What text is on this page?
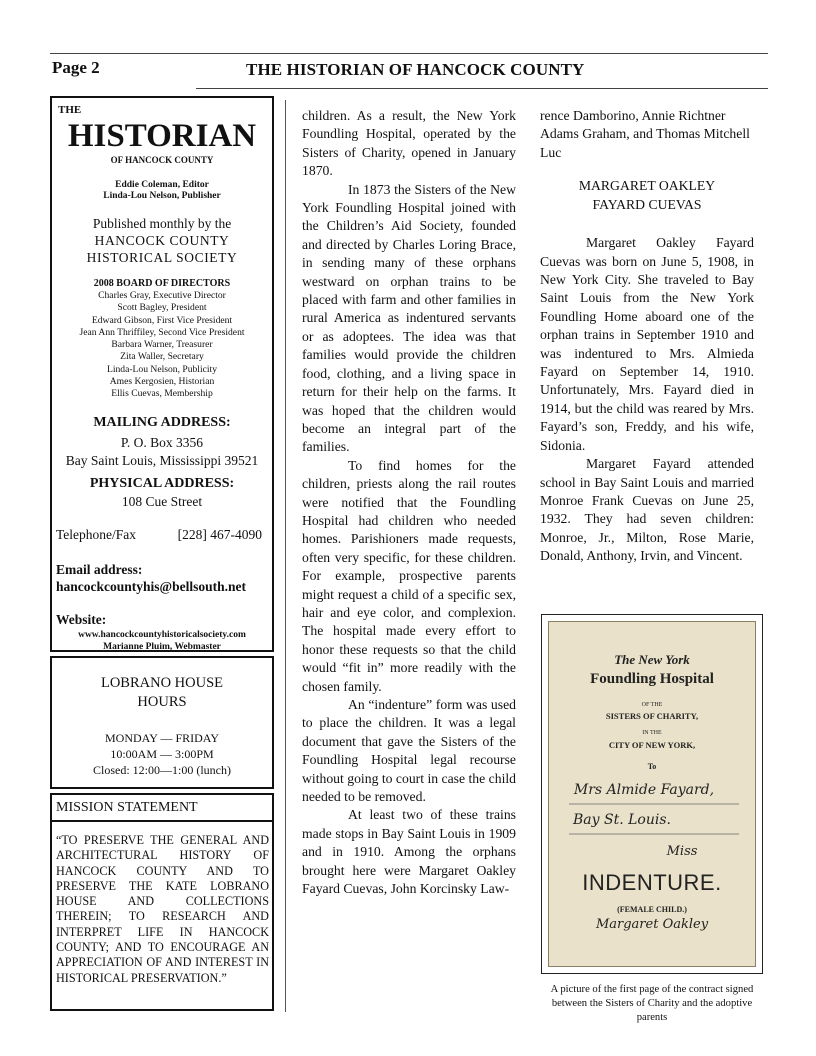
Page 2	THE HISTORIAN OF HANCOCK COUNTY
THE
HISTORIAN
OF HANCOCK COUNTY
Eddie Coleman, Editor
Linda-Lou Nelson, Publisher
Published monthly by the
HANCOCK COUNTY
HISTORICAL SOCIETY
2008 BOARD OF DIRECTORS
Charles Gray, Executive Director
Scott Bagley, President
Edward Gibson, First Vice President
Jean Ann Thriffiley, Second Vice President
Barbara Warner, Treasurer
Zita Waller, Secretary
Linda-Lou Nelson, Publicity
Ames Kergosien, Historian
Ellis Cuevas, Membership
MAILING ADDRESS:
P. O. Box 3356
Bay Saint Louis, Mississippi 39521
PHYSICAL ADDRESS:
108 Cue Street
Telephone/Fax	[228] 467-4090
Email address:
hancockcountyhis@bellsouth.net
Website:
www.hancockcountyhistoricalsociety.com
Marianne Pluim, Webmaster
LOBRANO HOUSE
HOURS
MONDAY — FRIDAY
10:00AM — 3:00PM
Closed: 12:00—1:00 (lunch)
MISSION STATEMENT
“TO PRESERVE THE GENERAL AND ARCHITECTURAL HISTORY OF HANCOCK COUNTY AND TO PRESERVE THE KATE LOBRANO HOUSE AND COLLECTIONS THEREIN; TO RESEARCH AND INTERPRET LIFE IN HANCOCK COUNTY; AND TO ENCOURAGE AN APPRECIATION OF AND INTEREST IN HISTORICAL PRESERVATION.”

children. As a result, the New York Foundling Hospital, operated by the Sisters of Charity, opened in January 1870.

In 1873 the Sisters of the New York Foundling Hospital joined with the Children’s Aid Society, founded and directed by Charles Loring Brace, in sending many of these orphans westward on orphan trains to be placed with farm and other families in rural America as indentured servants or as adoptees. The idea was that families would provide the children food, clothing, and a living space in return for their help on the farms. It was hoped that the children would become an integral part of the families.

To find homes for the children, priests along the rail routes were notified that the Foundling Hospital had children who needed homes. Parishioners made requests, often very specific, for these children. For example, prospective parents might request a child of a specific sex, hair and eye color, and complexion. The hospital made every effort to honor these requests so that the child would “fit in” more readily with the chosen family.

An “indenture” form was used to place the children. It was a legal document that gave the Sisters of the Foundling Hospital legal recourse without going to court in case the child needed to be removed.

At least two of these trains made stops in Bay Saint Louis in 1909 and in 1910. Among the orphans brought here were Margaret Oakley Fayard Cuevas, John Korcinsky Law-

rence Damborino, Annie Richtner Adams Graham, and Thomas Mitchell Luc

MARGARET OAKLEY
FAYARD CUEVAS

Margaret Oakley Fayard Cuevas was born on June 5, 1908, in New York City. She traveled to Bay Saint Louis from the New York Foundling Home aboard one of the orphan trains in September 1910 and was indentured to Mrs. Almieda Fayard on September 14, 1910. Unfortunately, Mrs. Fayard died in 1914, but the child was reared by Mrs. Fayard’s son, Freddy, and his wife, Sidonia.

Margaret Fayard attended school in Bay Saint Louis and married Monroe Frank Cuevas on June 25, 1932. They had seven children: Monroe, Jr., Milton, Rose Marie, Donald, Anthony, Irvin, and Vincent.

The New York
Foundling Hospital
OF THE
SISTERS OF CHARITY,
IN THE
CITY OF NEW YORK,
To
Mrs Almide Fayard,
Bay St. Louis.
Miss
INDENTURE.
(FEMALE CHILD.)
Margaret Oakley
A picture of the first page of the contract signed between the Sisters of Charity and the adoptive parents
